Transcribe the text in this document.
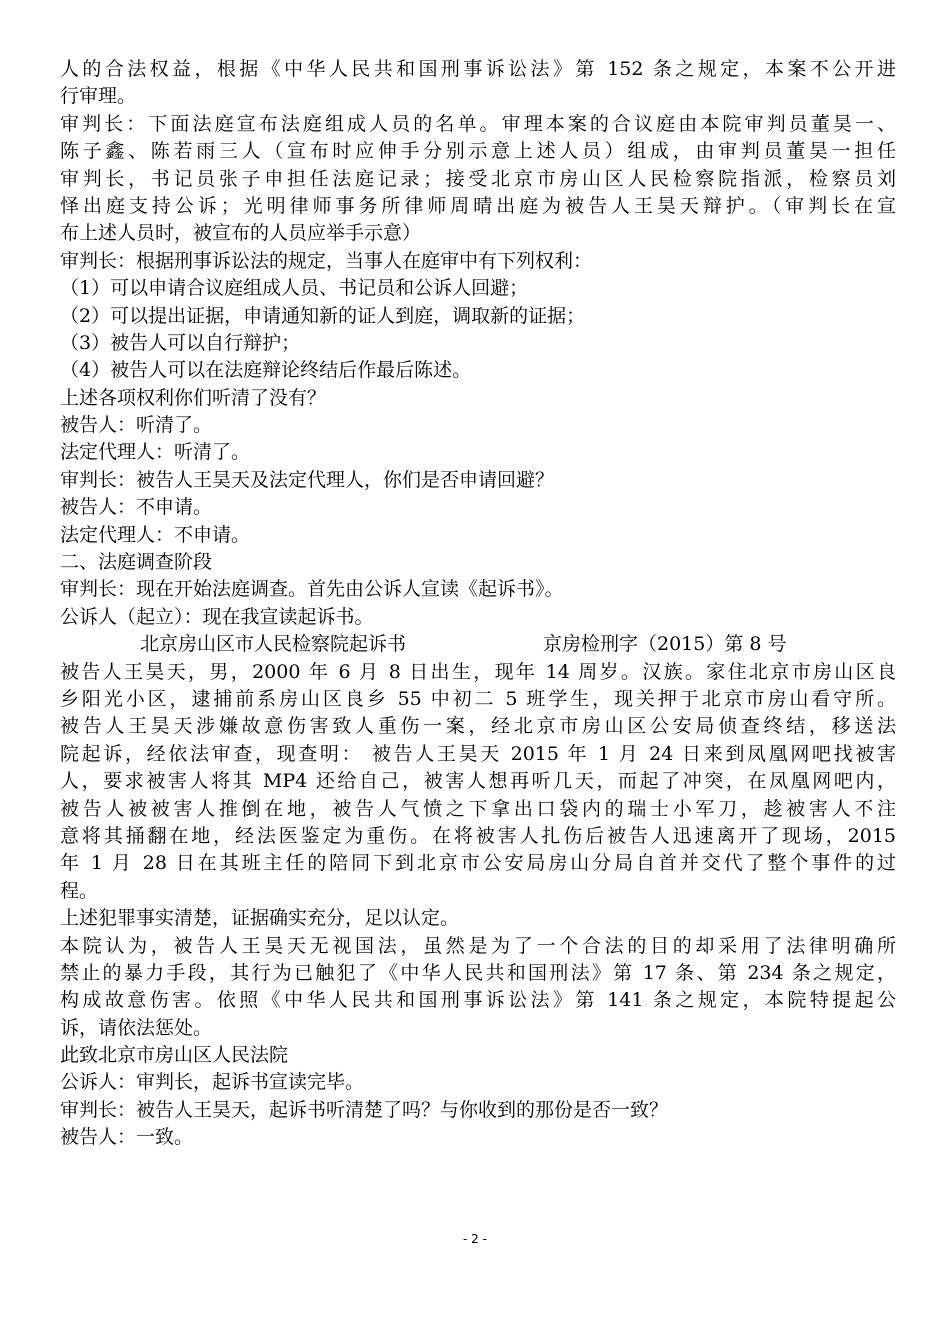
人的合法权益，根据《中华人民共和国刑事诉讼法》第 152 条之规定，本案不公开进
行审理。
审判长：下面法庭宣布法庭组成人员的名单。审理本案的合议庭由本院审判员董昊一、
陈子鑫、陈若雨三人（宣布时应伸手分别示意上述人员）组成，由审判员董昊一担任
审判长，书记员张子申担任法庭记录；接受北京市房山区人民检察院指派，检察员刘
怿出庭支持公诉；光明律师事务所律师周晴出庭为被告人王昊天辩护。（审判长在宣
布上述人员时，被宣布的人员应举手示意）
审判长：根据刑事诉讼法的规定，当事人在庭审中有下列权利：
（1）可以申请合议庭组成人员、书记员和公诉人回避；
（2）可以提出证据，申请通知新的证人到庭，调取新的证据；
（3）被告人可以自行辩护；
（4）被告人可以在法庭辩论终结后作最后陈述。
上述各项权利你们听清了没有？
被告人：听清了。
法定代理人：听清了。
审判长：被告人王昊天及法定代理人，你们是否申请回避？
被告人：不申请。
法定代理人：不申请。
二、法庭调查阶段
审判长：现在开始法庭调查。首先由公诉人宣读《起诉书》。
公诉人（起立）：现在我宣读起诉书。
北京房山区市人民检察院起诉书	京房检刑字（2015）第 8 号
被告人王昊天，男，2000 年 6 月 8 日出生，现年 14 周岁。汉族。家住北京市房山区良
乡阳光小区，逮捕前系房山区良乡 55 中初二 5 班学生，现关押于北京市房山看守所。
被告人王昊天涉嫌故意伤害致人重伤一案，经北京市房山区公安局侦查终结，移送法
院起诉，经依法审查，现查明： 被告人王昊天 2015 年 1 月 24 日来到凤凰网吧找被害
人，要求被害人将其 MP4 还给自己，被害人想再听几天，而起了冲突，在凤凰网吧内，
被告人被被害人推倒在地，被告人气愤之下拿出口袋内的瑞士小军刀，趁被害人不注
意将其捅翻在地，经法医鉴定为重伤。在将被害人扎伤后被告人迅速离开了现场，2015
年 1 月 28 日在其班主任的陪同下到北京市公安局房山分局自首并交代了整个事件的过
程。
上述犯罪事实清楚，证据确实充分，足以认定。
本院认为，被告人王昊天无视国法，虽然是为了一个合法的目的却采用了法律明确所
禁止的暴力手段，其行为已触犯了《中华人民共和国刑法》第 17 条、第 234 条之规定，
构成故意伤害。依照《中华人民共和国刑事诉讼法》第 141 条之规定，本院特提起公
诉，请依法惩处。
此致北京市房山区人民法院
公诉人：审判长，起诉书宣读完毕。
审判长：被告人王昊天，起诉书听清楚了吗？与你收到的那份是否一致？
被告人：一致。
- 2 -
